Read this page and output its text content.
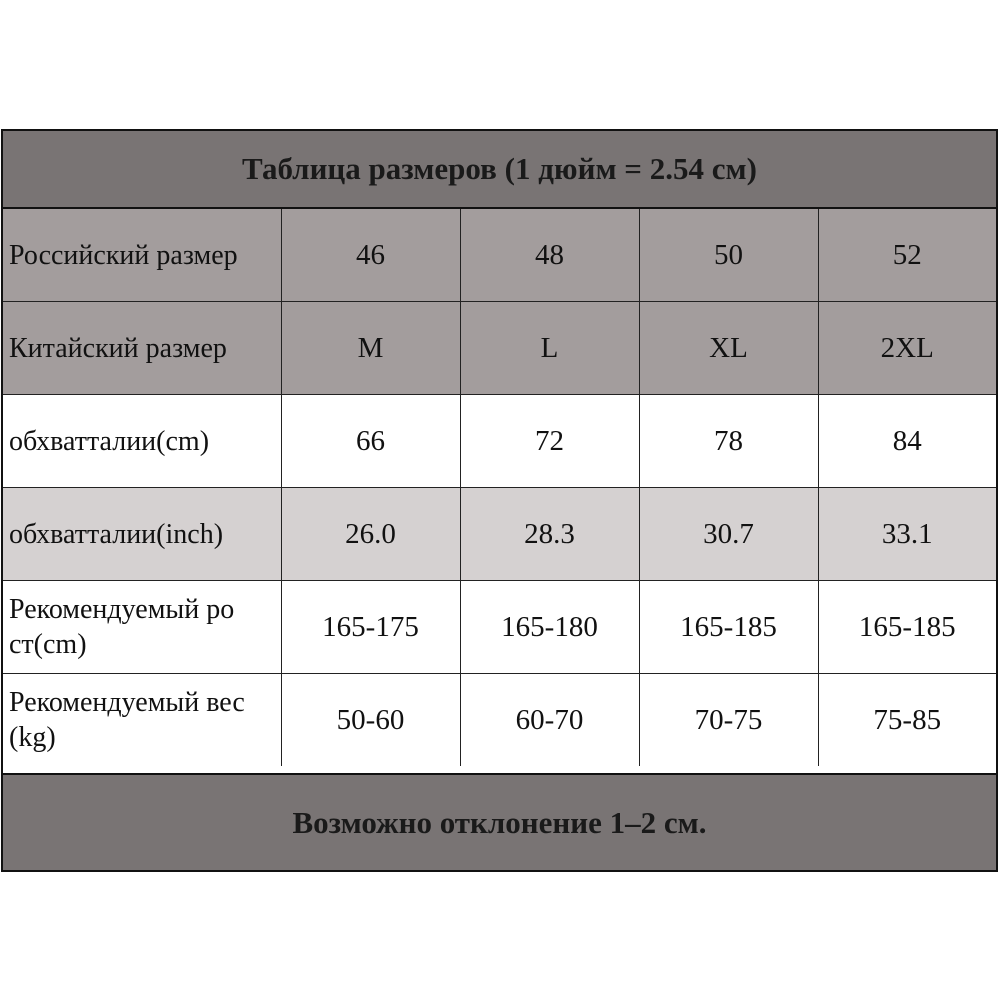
Таблица размеров (1 дюйм = 2.54 см)
Российский размер	46	48	50	52
Китайский размер	M	L	XL	2XL
обхватталии(cm)	66	72	78	84
обхватталии(inch)	26.0	28.3	30.7	33.1
Рекомендуемый ро ст(cm)	165-175	165-180	165-185	165-185
Рекомендуемый вес (kg)	50-60	60-70	70-75	75-85
Возможно отклонение 1–2 см.
